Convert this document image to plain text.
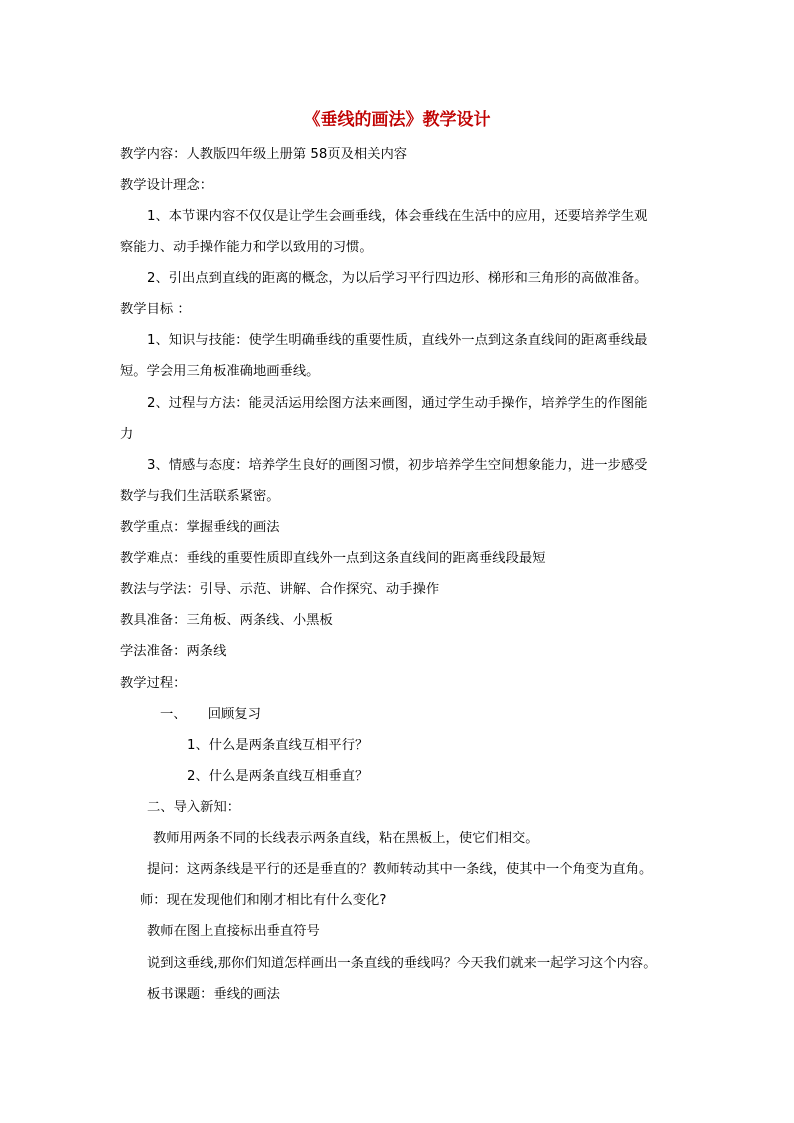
《垂线的画法》教学设计
教学内容：人教版四年级上册第 58页及相关内容
教学设计理念：
1、本节课内容不仅仅是让学生会画垂线，体会垂线在生活中的应用，还要培养学生观
察能力、动手操作能力和学以致用的习惯。
2、引出点到直线的距离的概念，为以后学习平行四边形、梯形和三角形的高做准备。
教学目标 ：
1、知识与技能：使学生明确垂线的重要性质，直线外一点到这条直线间的距离垂线最
短。学会用三角板准确地画垂线。
2、过程与方法：能灵活运用绘图方法来画图，通过学生动手操作，培养学生的作图能
力
3、情感与态度：培养学生良好的画图习惯，初步培养学生空间想象能力，进一步感受
数学与我们生活联系紧密。
教学重点：掌握垂线的画法
教学难点：垂线的重要性质即直线外一点到这条直线间的距离垂线段最短
教法与学法：引导、示范、讲解、合作探究、动手操作
教具准备：三角板、两条线、小黑板
学法准备：两条线
教学过程：
一、     回顾复习
1、什么是两条直线互相平行？
2、什么是两条直线互相垂直？
二、导入新知：
教师用两条不同的长线表示两条直线，粘在黑板上，使它们相交。
提问：这两条线是平行的还是垂直的？教师转动其中一条线，使其中一个角变为直角。
师：现在发现他们和刚才相比有什么变化?
教师在图上直接标出垂直符号
说到这垂线,那你们知道怎样画出一条直线的垂线吗？今天我们就来一起学习这个内容。
板书课题：垂线的画法
